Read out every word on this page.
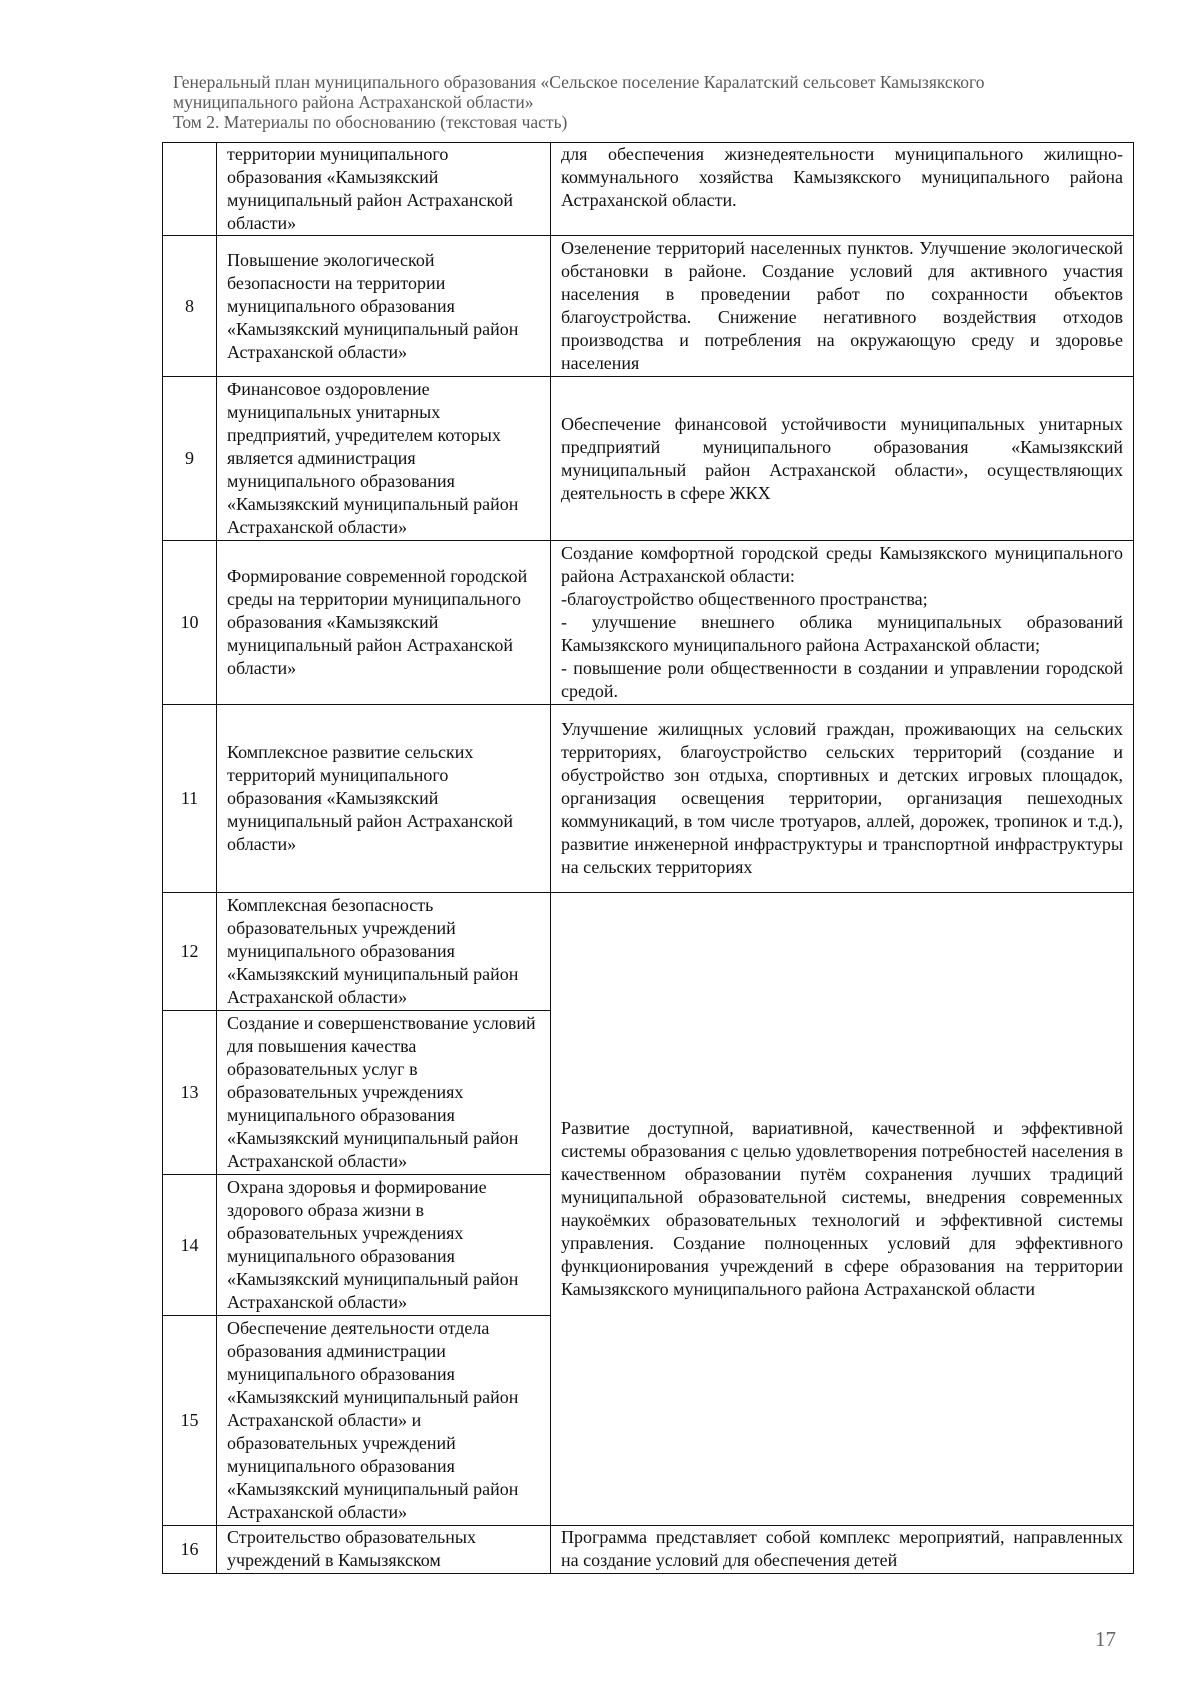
Генеральный план муниципального образования «Сельское поселение Каралатский сельсовет Камызякского
муниципального района Астраханской области»
Том 2. Материалы по обоснованию (текстовая часть)
	территории муниципального образования «Камызякский муниципальный район Астраханской области»	для обеспечения жизнедеятельности муниципального жилищно-коммунального хозяйства Камызякского муниципального района Астраханской области.

8	Повышение экологической безопасности на территории муниципального образования «Камызякский муниципальный район Астраханской области»	Озеленение территорий населенных пунктов. Улучшение экологической обстановки в районе. Создание условий для активного участия населения в проведении работ по сохранности объектов благоустройства. Снижение негативного воздействия отходов производства и потребления на окружающую среду и здоровье населения

9	Финансовое оздоровление муниципальных унитарных предприятий, учредителем которых является администрация муниципального образования «Камызякский муниципальный район Астраханской области»	Обеспечение финансовой устойчивости муниципальных унитарных предприятий муниципального образования «Камызякский муниципальный район Астраханской области», осуществляющих деятельность в сфере ЖКХ

10	Формирование современной городской среды на территории муниципального образования «Камызякский муниципальный район Астраханской области»	Создание комфортной городской среды Камызякского муниципального района Астраханской области:
-благоустройство общественного пространства;
- улучшение внешнего облика муниципальных образований Камызякского муниципального района Астраханской области;
- повышение роли общественности в создании и управлении городской средой.

11	Комплексное развитие сельских территорий муниципального образования «Камызякский муниципальный район Астраханской области»	Улучшение жилищных условий граждан, проживающих на сельских территориях, благоустройство сельских территорий (создание и обустройство зон отдыха, спортивных и детских игровых площадок, организация освещения территории, организация пешеходных коммуникаций, в том числе тротуаров, аллей, дорожек, тропинок и т.д.), развитие инженерной инфраструктуры и транспортной инфраструктуры на сельских территориях

12	Комплексная безопасность образовательных учреждений муниципального образования «Камызякский муниципальный район Астраханской области»	Развитие доступной, вариативной, качественной и эффективной системы образования с целью удовлетворения потребностей населения в качественном образовании путём сохранения лучших традиций муниципальной образовательной системы, внедрения современных наукоёмких образовательных технологий и эффективной системы управления. Создание полноценных условий для эффективного функционирования учреждений в сфере образования на территории Камызякского муниципального района Астраханской области

13	Создание и совершенствование условий для повышения качества образовательных услуг в образовательных учреждениях муниципального образования «Камызякский муниципальный район Астраханской области»	
14	Охрана здоровья и формирование здорового образа жизни в образовательных учреждениях муниципального образования «Камызякский муниципальный район Астраханской области»	
15	Обеспечение деятельности отдела образования администрации муниципального образования «Камызякский муниципальный район Астраханской области» и образовательных учреждений муниципального образования «Камызякский муниципальный район Астраханской области»	
16	Строительство образовательных учреждений в Камызякском	Программа представляет собой комплекс мероприятий, направленных на создание условий для обеспечения детей
17
